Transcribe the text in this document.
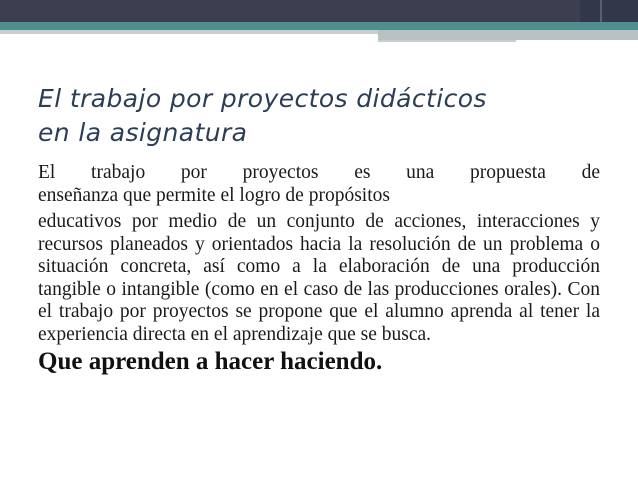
El trabajo por proyectos didácticos
en la asignatura

El trabajo por proyectos es una propuesta de

enseñanza que permite el logro de propósitos

educativos por medio de un conjunto de acciones, interacciones y recursos planeados y orientados hacia la resolución de un problema o situación concreta, así como a la elaboración de una producción tangible o intangible (como en el caso de las producciones orales). Con el trabajo por proyectos se propone que el alumno aprenda al tener la experiencia directa en el aprendizaje que se busca.

Que aprenden a hacer haciendo.
